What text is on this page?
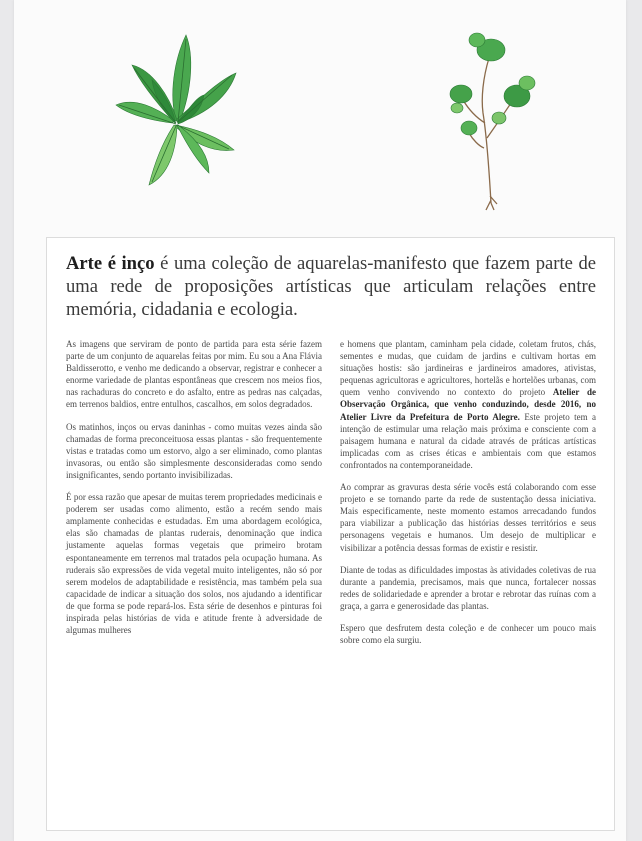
Arte é inço é uma coleção de aquarelas-manifesto que fazem parte de uma rede de proposições artísticas que articulam relações entre memória, cidadania e ecologia.

As imagens que serviram de ponto de partida para esta série fazem parte de um conjunto de aquarelas feitas por mim. Eu sou a Ana Flávia Baldisserotto, e venho me dedicando a observar, registrar e conhecer a enorme variedade de plantas espontâneas que crescem nos meios fios, nas rachaduras do concreto e do asfalto, entre as pedras nas calçadas, em terrenos baldios, entre entulhos, cascalhos, em solos degradados.

Os matinhos, inços ou ervas daninhas - como muitas vezes ainda são chamadas de forma preconceituosa essas plantas - são frequentemente vistas e tratadas como um estorvo, algo a ser eliminado, como plantas invasoras, ou então são simplesmente desconsideradas como sendo insignificantes, sendo portanto invisibilizadas.

É por essa razão que apesar de muitas terem propriedades medicinais e poderem ser usadas como alimento, estão a recém sendo mais amplamente conhecidas e estudadas. Em uma abordagem ecológica, elas são chamadas de plantas ruderais, denominação que indica justamente aquelas formas vegetais que primeiro brotam espontaneamente em terrenos mal tratados pela ocupação humana. As ruderais são expressões de vida vegetal muito inteligentes, não só por serem modelos de adaptabilidade e resistência, mas também pela sua capacidade de indicar a situação dos solos, nos ajudando a identificar de que forma se pode repará-los. Esta série de desenhos e pinturas foi inspirada pelas histórias de vida e atitude frente à adversidade de algumas mulheres

e homens que plantam, caminham pela cidade, coletam frutos, chás, sementes e mudas, que cuidam de jardins e cultivam hortas em situações hostis: são jardineiras e jardineiros amadores, ativistas, pequenas agricultoras e agricultores, hortelãs e hortelões urbanas, com quem venho convivendo no contexto do projeto Atelier de Observação Orgânica, que venho conduzindo, desde 2016, no Atelier Livre da Prefeitura de Porto Alegre. Este projeto tem a intenção de estimular uma relação mais próxima e consciente com a paisagem humana e natural da cidade através de práticas artísticas implicadas com as crises éticas e ambientais com que estamos confrontados na contemporaneidade.

Ao comprar as gravuras desta série vocês está colaborando com esse projeto e se tornando parte da rede de sustentação dessa iniciativa. Mais especificamente, neste momento estamos arrecadando fundos para viabilizar a publicação das histórias desses territórios e seus personagens vegetais e humanos. Um desejo de multiplicar e visibilizar a potência dessas formas de existir e resistir.

Diante de todas as dificuldades impostas às atividades coletivas de rua durante a pandemia, precisamos, mais que nunca, fortalecer nossas redes de solidariedade e aprender a brotar e rebrotar das ruínas com a graça, a garra e generosidade das plantas.

Espero que desfrutem desta coleção e de conhecer um pouco mais sobre como ela surgiu.
